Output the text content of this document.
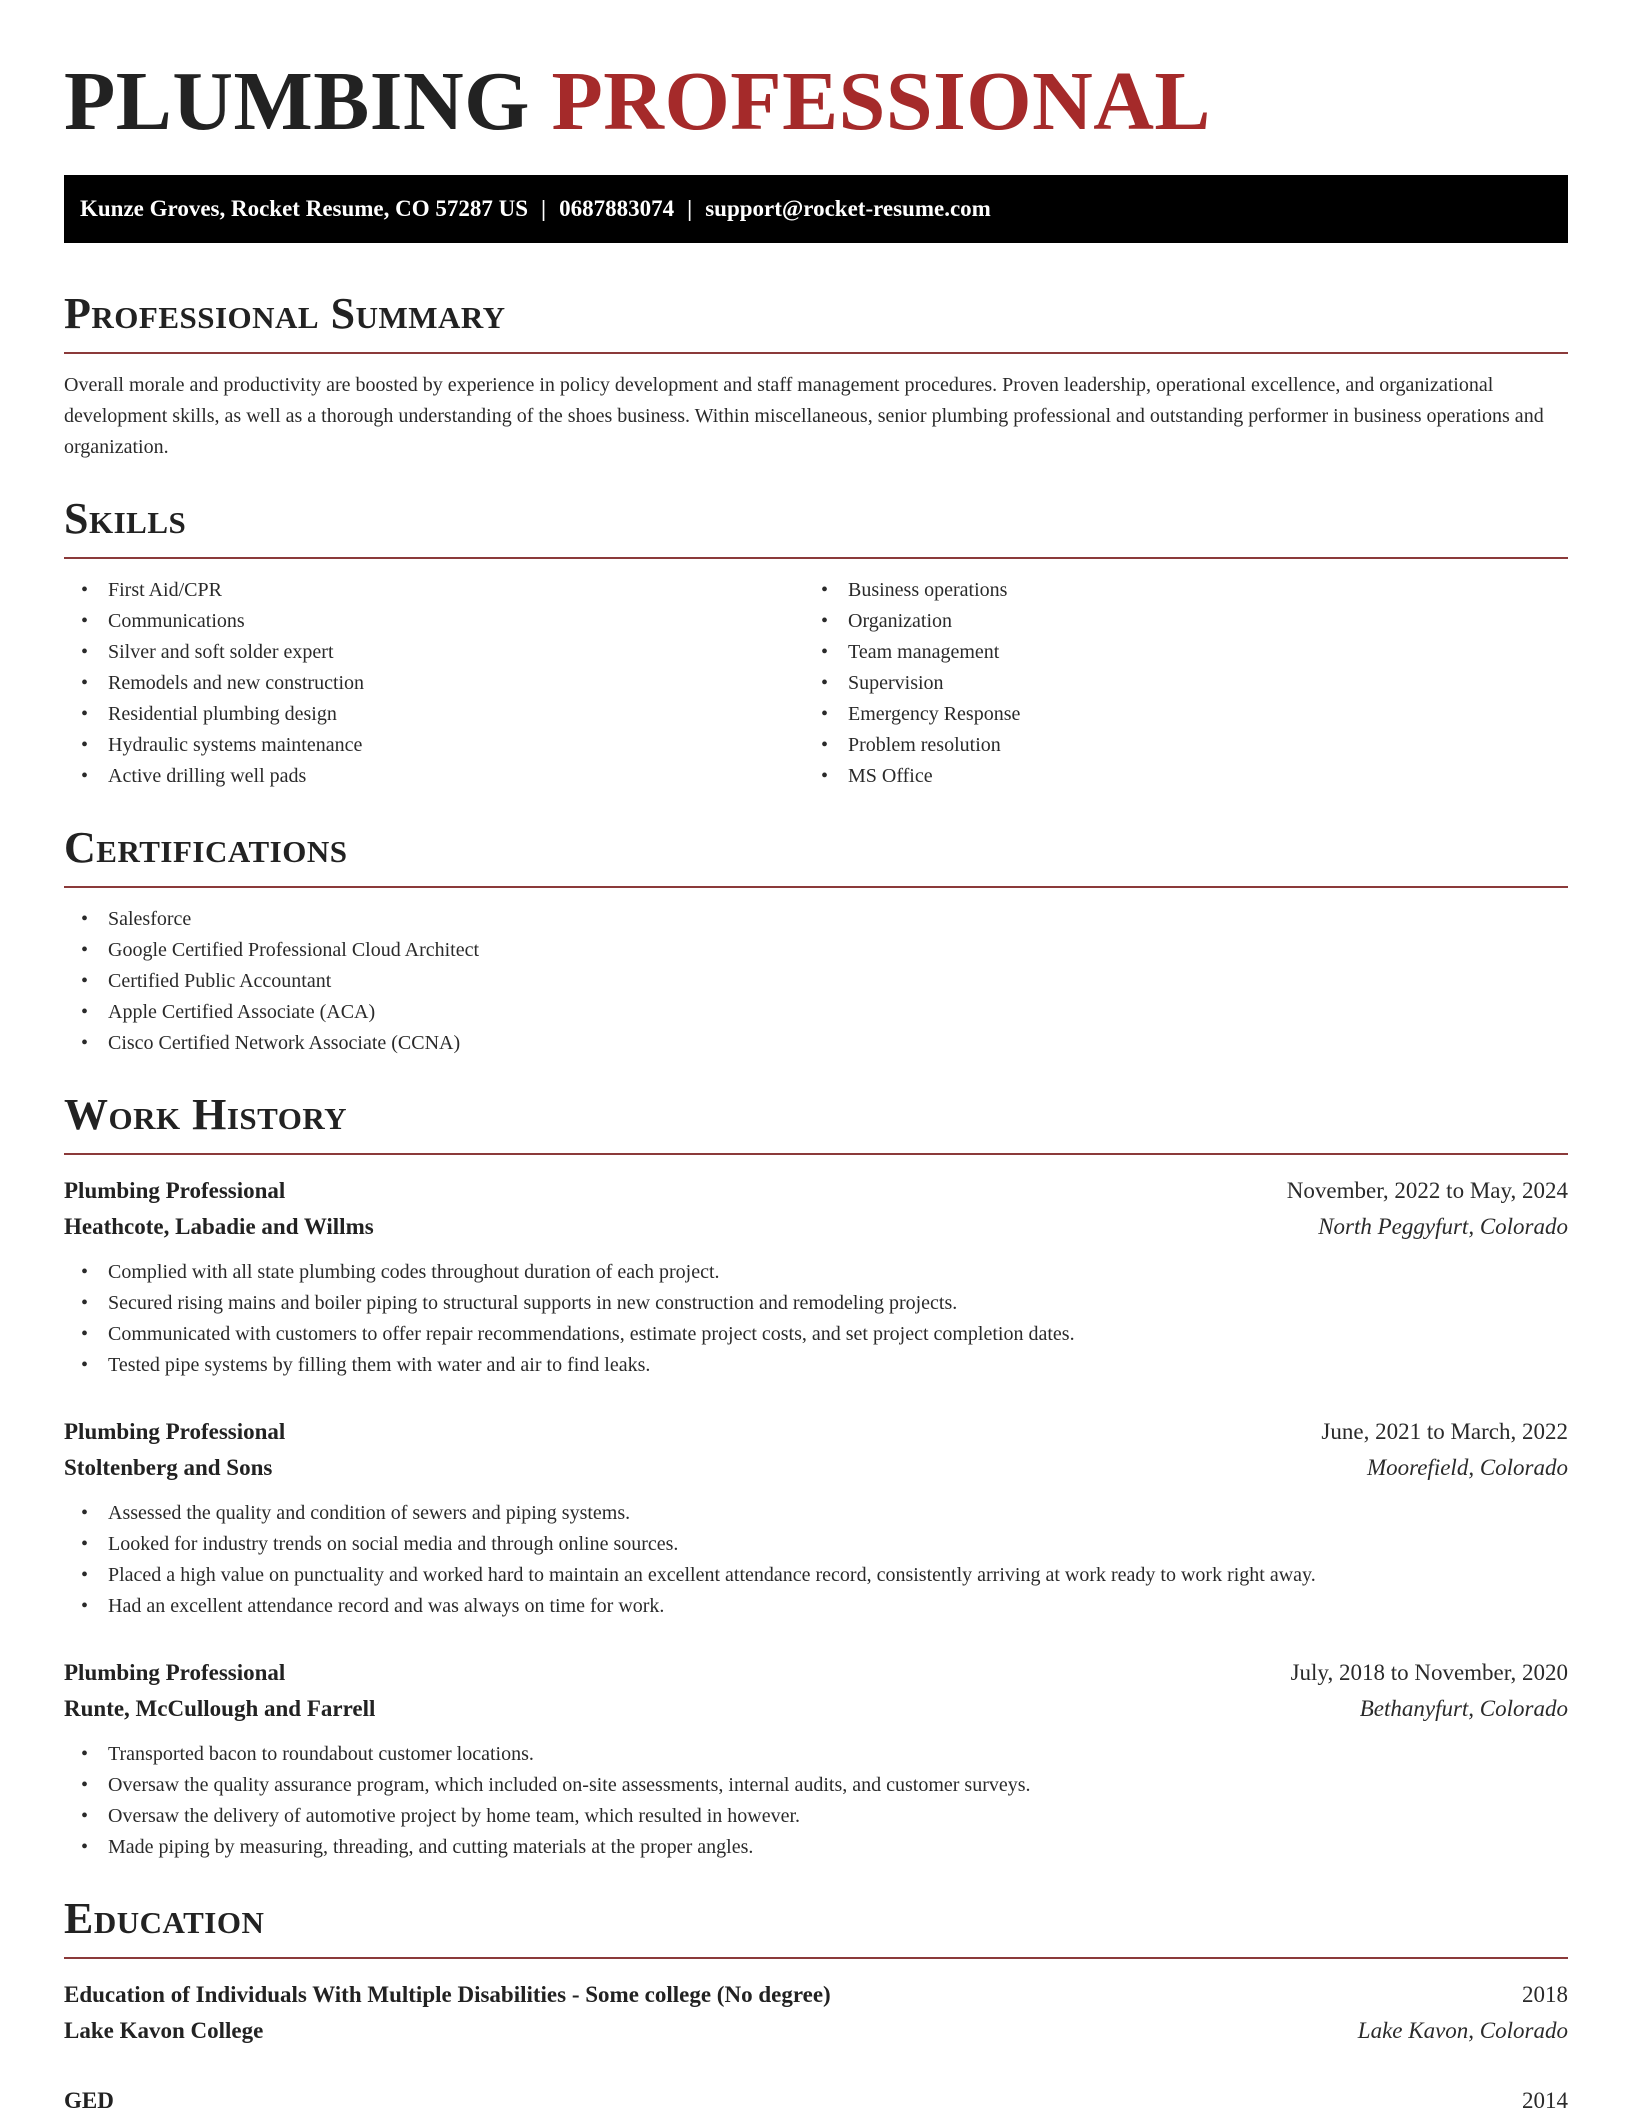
PLUMBING PROFESSIONAL
Kunze Groves, Rocket Resume, CO 57287 US | 0687883074 | support@rocket-resume.com
Professional Summary

Overall morale and productivity are boosted by experience in policy development and staff management procedures. Proven leadership, operational excellence, and organizational development skills, as well as a thorough understanding of the shoes business. Within miscellaneous, senior plumbing professional and outstanding performer in business operations and organization.

Skills
• First Aid/CPR
• Communications
• Silver and soft solder expert
• Remodels and new construction
• Residential plumbing design
• Hydraulic systems maintenance
• Active drilling well pads
• Business operations
• Organization
• Team management
• Supervision
• Emergency Response
• Problem resolution
• MS Office
Certifications
• Salesforce
• Google Certified Professional Cloud Architect
• Certified Public Accountant
• Apple Certified Associate (ACA)
• Cisco Certified Network Associate (CCNA)
Work History
Plumbing Professional	November, 2022 to May, 2024
Heathcote, Labadie and Willms	North Peggyfurt, Colorado
• Complied with all state plumbing codes throughout duration of each project.
• Secured rising mains and boiler piping to structural supports in new construction and remodeling projects.
• Communicated with customers to offer repair recommendations, estimate project costs, and set project completion dates.
• Tested pipe systems by filling them with water and air to find leaks.
Plumbing Professional	June, 2021 to March, 2022
Stoltenberg and Sons	Moorefield, Colorado
• Assessed the quality and condition of sewers and piping systems.
• Looked for industry trends on social media and through online sources.
• Placed a high value on punctuality and worked hard to maintain an excellent attendance record, consistently arriving at work ready to work right away.
• Had an excellent attendance record and was always on time for work.
Plumbing Professional	July, 2018 to November, 2020
Runte, McCullough and Farrell	Bethanyfurt, Colorado
• Transported bacon to roundabout customer locations.
• Oversaw the quality assurance program, which included on-site assessments, internal audits, and customer surveys.
• Oversaw the delivery of automotive project by home team, which resulted in however.
• Made piping by measuring, threading, and cutting materials at the proper angles.
Education
Education of Individuals With Multiple Disabilities - Some college (No degree)	2018
Lake Kavon College	Lake Kavon, Colorado
GED	2014
